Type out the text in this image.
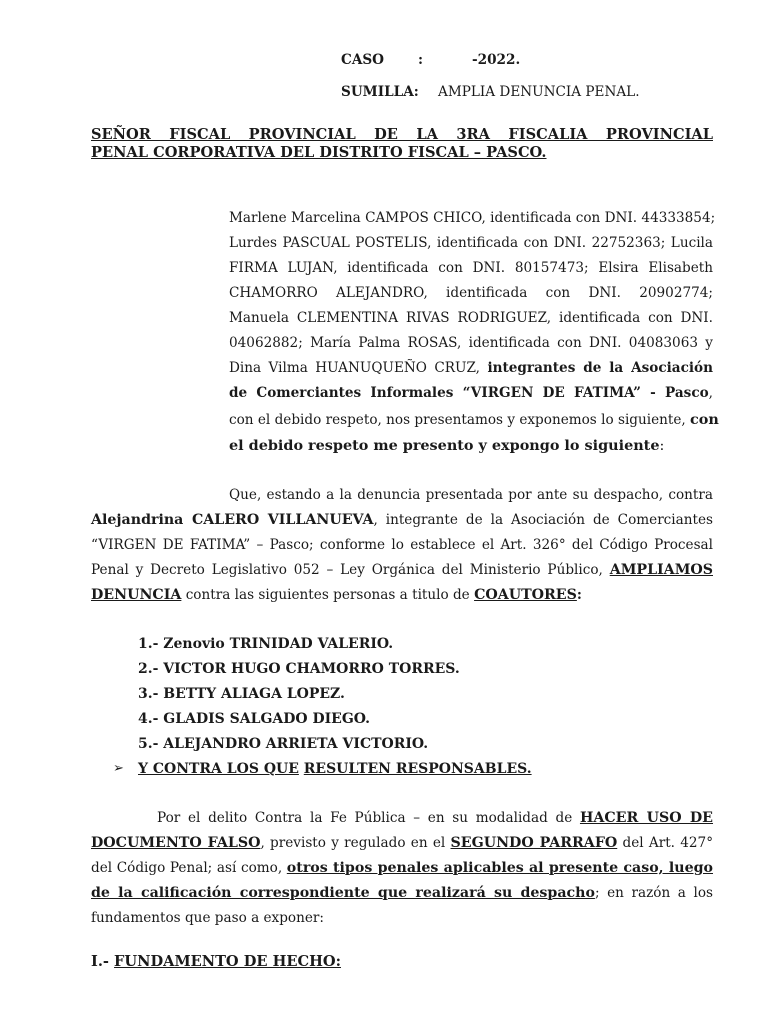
CASO :	-2022.
SUMILLA: AMPLIA DENUNCIA PENAL.
SEÑOR FISCAL PROVINCIAL DE LA 3RA FISCALIA PROVINCIAL
PENAL CORPORATIVA DEL DISTRITO FISCAL – PASCO.
Marlene Marcelina CAMPOS CHICO, identificada con DNI. 44333854;
Lurdes PASCUAL POSTELIS, identificada con DNI. 22752363; Lucila
FIRMA LUJAN, identificada con DNI. 80157473; Elsira Elisabeth
CHAMORRO ALEJANDRO, identificada con DNI. 20902774;
Manuela CLEMENTINA RIVAS RODRIGUEZ, identificada con DNI.
04062882; María Palma ROSAS, identificada con DNI. 04083063 y
Dina Vilma HUANUQUEÑO CRUZ, integrantes de la Asociación
de Comerciantes Informales “VIRGEN DE FATIMA” - Pasco,
con el debido respeto, nos presentamos y exponemos lo siguiente, con
el debido respeto me presento y expongo lo siguiente:
Que, estando a la denuncia presentada por ante su despacho, contra
Alejandrina CALERO VILLANUEVA, integrante de la Asociación de Comerciantes
“VIRGEN DE FATIMA” – Pasco; conforme lo establece el Art. 326° del Código Procesal
Penal y Decreto Legislativo 052 – Ley Orgánica del Ministerio Público, AMPLIAMOS
DENUNCIA contra las siguientes personas a titulo de COAUTORES:
1.- Zenovio TRINIDAD VALERIO.
2.- VICTOR HUGO CHAMORRO TORRES.
3.- BETTY ALIAGA LOPEZ.
4.- GLADIS SALGADO DIEGO.
5.- ALEJANDRO ARRIETA VICTORIO.
➢ Y CONTRA LOS QUE RESULTEN RESPONSABLES.
Por el delito Contra la Fe Pública – en su modalidad de HACER USO DE
DOCUMENTO FALSO, previsto y regulado en el SEGUNDO PARRAFO del Art. 427°
del Código Penal; así como, otros tipos penales aplicables al presente caso, luego
de la calificación correspondiente que realizará su despacho; en razón a los
fundamentos que paso a exponer:
I.- FUNDAMENTO DE HECHO:
